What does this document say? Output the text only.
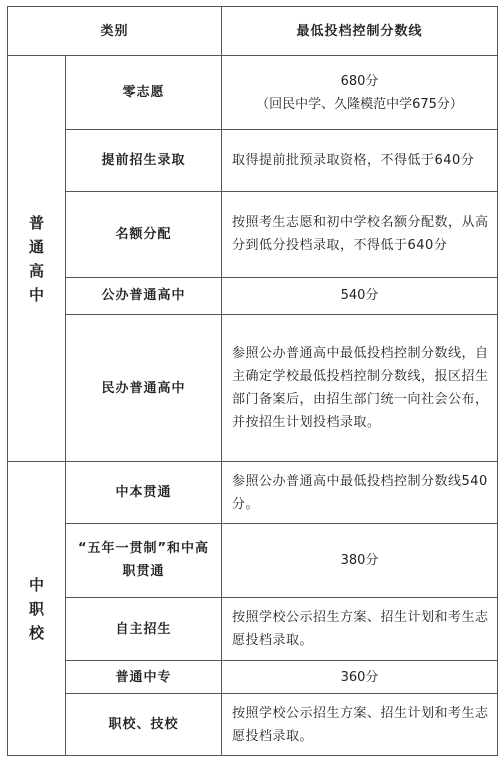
类别		最低投档控制分数线
普通高中	零志愿	680分
（回民中学、久隆模范中学675分）

	提前招生录取	取得提前批预录取资格，不得低于640分
	名额分配	按照考生志愿和初中学校名额分配数，从高分到低分投档录取，不得低于640分
	公办普通高中	540分
	民办普通高中	参照公办普通高中最低投档控制分数线，自主确定学校最低投档控制分数线，报区招生部门备案后，由招生部门统一向社会公布，并按招生计划投档录取。
中职校	中本贯通	参照公办普通高中最低投档控制分数线540分。
	“五年一贯制”和中高职贯通	380分
	自主招生	按照学校公示招生方案、招生计划和考生志愿投档录取。
	普通中专	360分
	职校、技校	按照学校公示招生方案、招生计划和考生志愿投档录取。
